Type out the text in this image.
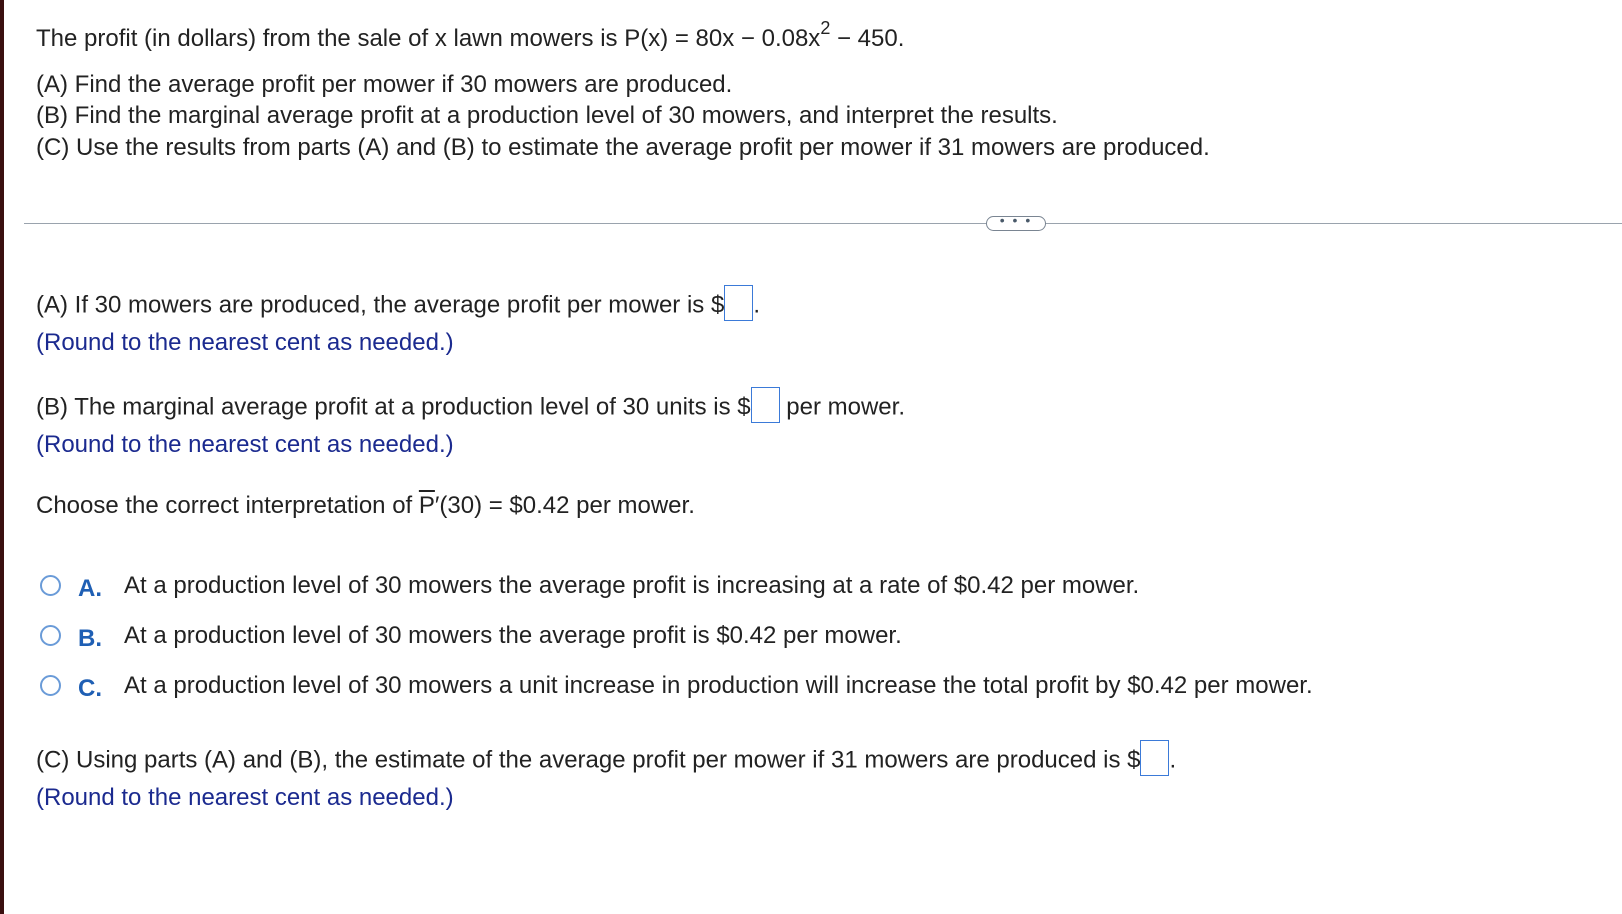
The profit (in dollars) from the sale of x lawn mowers is $P(x) = 80x - 0.08x^2 - 450$.
(A) Find the average profit per mower if 30 mowers are produced.
(B) Find the marginal average profit at a production level of 30 mowers, and interpret the results.
(C) Use the results from parts (A) and (B) to estimate the average profit per mower if 31 mowers are produced.
• • •
(A) If 30 mowers are produced, the average profit per mower is $ .
(Round to the nearest cent as needed.)
(B) The marginal average profit at a production level of 30 units is $ per mower.
(Round to the nearest cent as needed.)
Choose the correct interpretation of $\overline{P}'(30)$ = $0.42 per mower.
A. At a production level of 30 mowers the average profit is increasing at a rate of $0.42 per mower.
B. At a production level of 30 mowers the average profit is $0.42 per mower.
C. At a production level of 30 mowers a unit increase in production will increase the total profit by $0.42 per mower.
(C) Using parts (A) and (B), the estimate of the average profit per mower if 31 mowers are produced is $ .
(Round to the nearest cent as needed.)
